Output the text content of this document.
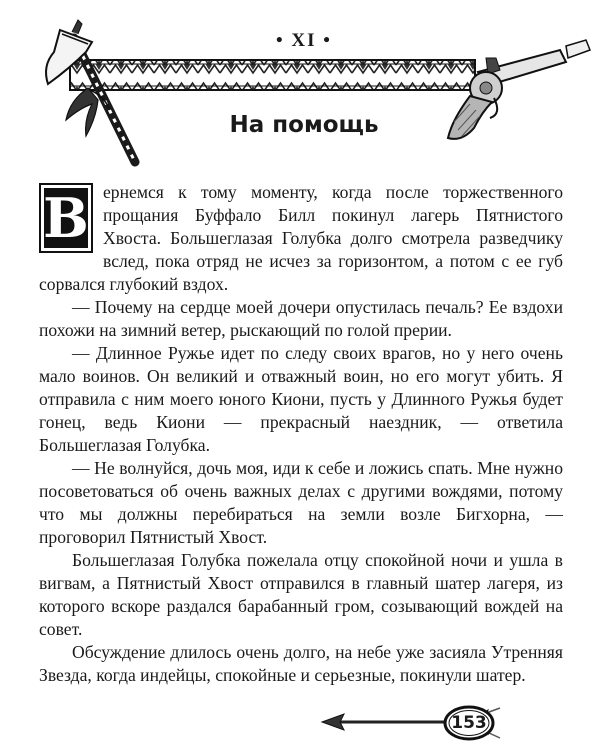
• XI •
На помощь

В ернемся к тому моменту, когда после торжественного прощания Буффало Билл покинул лагерь Пятнистого Хвоста. Большеглазая Голубка долго смотрела разведчику вслед, пока отряд не исчез за горизонтом, а потом с ее губ сорвался глубокий вздох.

— Почему на сердце моей дочери опустилась печаль? Ее вздохи похожи на зимний ветер, рыскающий по голой прерии.

— Длинное Ружье идет по следу своих врагов, но у него очень мало воинов. Он великий и отважный воин, но его могут убить. Я отправила с ним моего юного Киони, пусть у Длинного Ружья будет гонец, ведь Киони — прекрасный наездник, — ответила Большеглазая Голубка.

— Не волнуйся, дочь моя, иди к себе и ложись спать. Мне нужно посоветоваться об очень важных делах с другими вождями, потому что мы должны перебираться на земли возле Бигхорна, — проговорил Пятнистый Хвост.

Большеглазая Голубка пожелала отцу спокойной ночи и ушла в вигвам, а Пятнистый Хвост отправился в главный шатер лагеря, из которого вскоре раздался барабанный гром, созывающий вождей на совет.

Обсуждение длилось очень долго, на небе уже засияла Утренняя Звезда, когда индейцы, спокойные и серьезные, покинули шатер.

153
